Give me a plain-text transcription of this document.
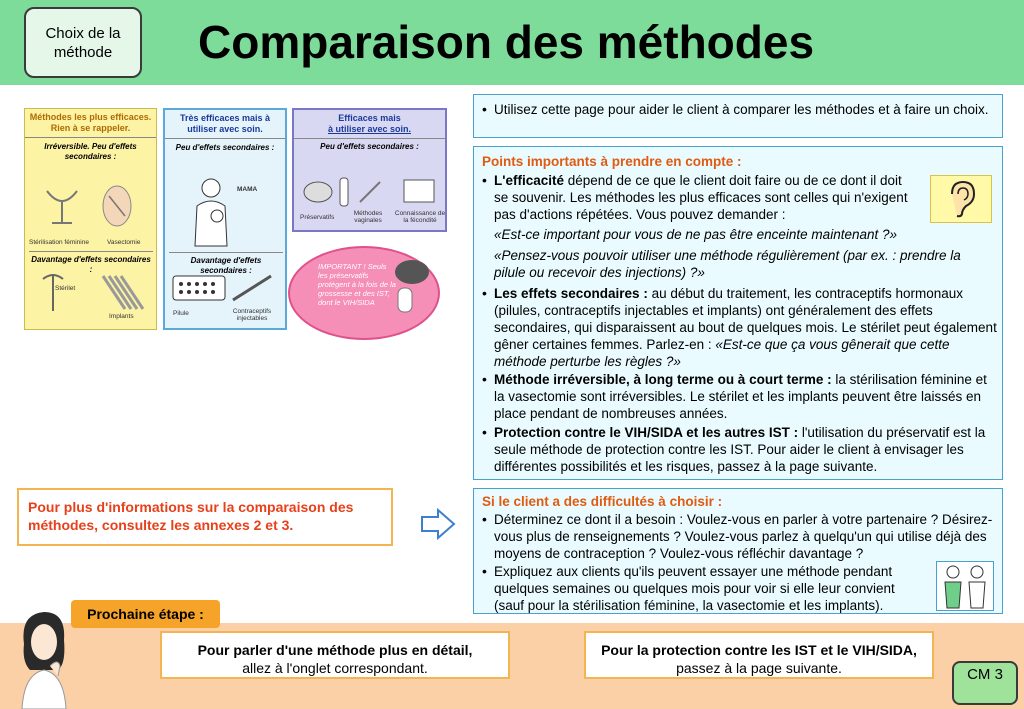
Choix de la méthode	Comparaison des méthodes
Méthodes les plus efficaces. Rien à se rappeler.
Irréversible. Peu d'effets secondaires :
Stérilisation féminine	Vasectomie
Davantage d'effets secondaires :
Stérilet
Implants
Très efficaces mais à utiliser avec soin.
Peu d'effets secondaires :
MAMA
Davantage d'effets secondaires :
Pilule	Contraceptifs injectables
Efficaces mais
à utiliser avec soin.
Peu d'effets secondaires :
Préservatifs
Méthodes vaginales
Connaissance de la fécondité
IMPORTANT ! Seuls les préservatifs protègent à la fois de la grossesse et des IST, dont le VIH/SIDA
• Utilisez cette page pour aider le client à comparer les méthodes et à faire un choix.
Points importants à prendre en compte :
• L'efficacité dépend de ce que le client doit faire ou de ce dont il doit se souvenir. Les méthodes les plus efficaces sont celles qui n'exigent pas d'actions répétées. Vous pouvez demander :
«Est-ce important pour vous de ne pas être enceinte maintenant ?»
«Pensez-vous pouvoir utiliser une méthode régulièrement (par ex. : prendre la pilule ou recevoir des injections) ?»
• Les effets secondaires : au début du traitement, les contraceptifs hormonaux (pilules, contraceptifs injectables et implants) ont généralement des effets secondaires, qui disparaissent au bout de quelques mois. Le stérilet peut également gêner certaines femmes. Parlez-en : «Est-ce que ça vous gênerait que cette méthode perturbe les règles ?»
• Méthode irréversible, à long terme ou à court terme : la stérilisation féminine et la vasectomie sont irréversibles. Le stérilet et les implants peuvent être laissés en place pendant de nombreuses années.
• Protection contre le VIH/SIDA et les autres IST : l'utilisation du préservatif est la seule méthode de protection contre les IST. Pour aider le client à envisager les différentes possibilités et les risques, passez à la page suivante.
Si le client a des difficultés à choisir :
• Déterminez ce dont il a besoin : Voulez-vous en parler à votre partenaire ? Désirez-vous plus de renseignements ? Voulez-vous parlez à quelqu'un qui utilise déjà des moyens de contraception ? Voulez-vous réfléchir davantage ?
• Expliquez aux clients qu'ils peuvent essayer une méthode pendant quelques semaines ou quelques mois pour voir si elle leur convient (sauf pour la stérilisation féminine, la vasectomie et les implants).
Pour plus d'informations sur la comparaison des méthodes, consultez les annexes 2 et 3.
Prochaine étape :
Pour parler d'une méthode plus en détail,
allez à l'onglet correspondant.
Pour la protection contre les IST et le VIH/SIDA, passez à la page suivante.	CM 3
